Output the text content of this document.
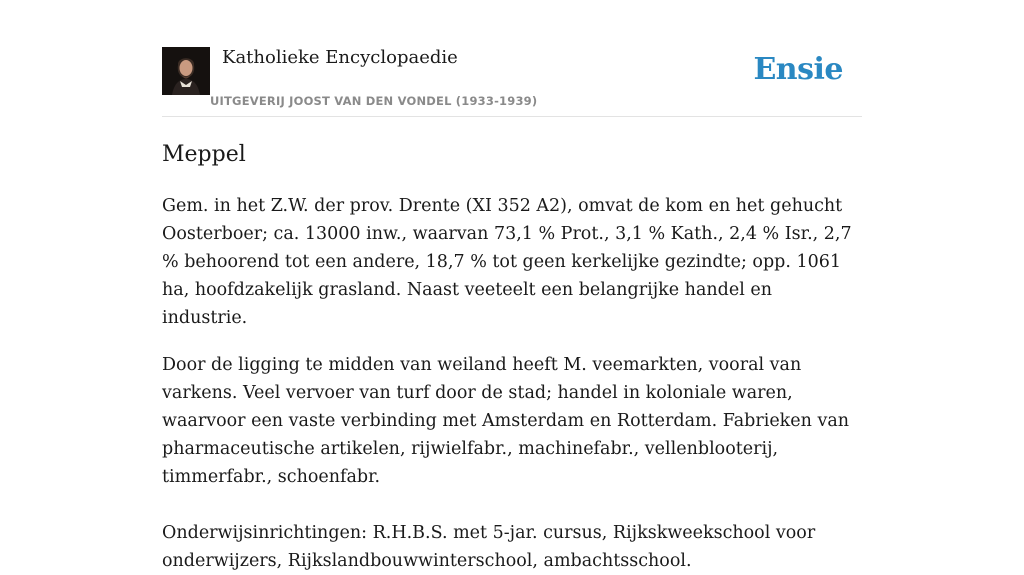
Katholieke Encyclopaedie
UITGEVERIJ JOOST VAN DEN VONDEL (1933-1939)
Ensie
Meppel

Gem. in het Z.W. der prov. Drente (XI 352 A2), omvat de kom en het gehucht Oosterboer; ca. 13000 inw., waarvan 73,1 % Prot., 3,1 % Kath., 2,4 % Isr., 2,7 % behoorend tot een andere, 18,7 % tot geen kerkelijke gezindte; opp. 1061 ha, hoofdzakelijk grasland. Naast veeteelt een belangrijke handel en industrie.

Door de ligging te midden van weiland heeft M. veemarkten, vooral van varkens. Veel vervoer van turf door de stad; handel in koloniale waren, waarvoor een vaste verbinding met Amsterdam en Rotterdam. Fabrieken van pharmaceutische artikelen, rijwielfabr., machinefabr., vellenblooterij, timmerfabr., schoenfabr.

Onderwijsinrichtingen: R.H.B.S. met 5-jar. cursus, Rijkskweekschool voor onderwijzers, Rijkslandbouwwinterschool, ambachtsschool.
